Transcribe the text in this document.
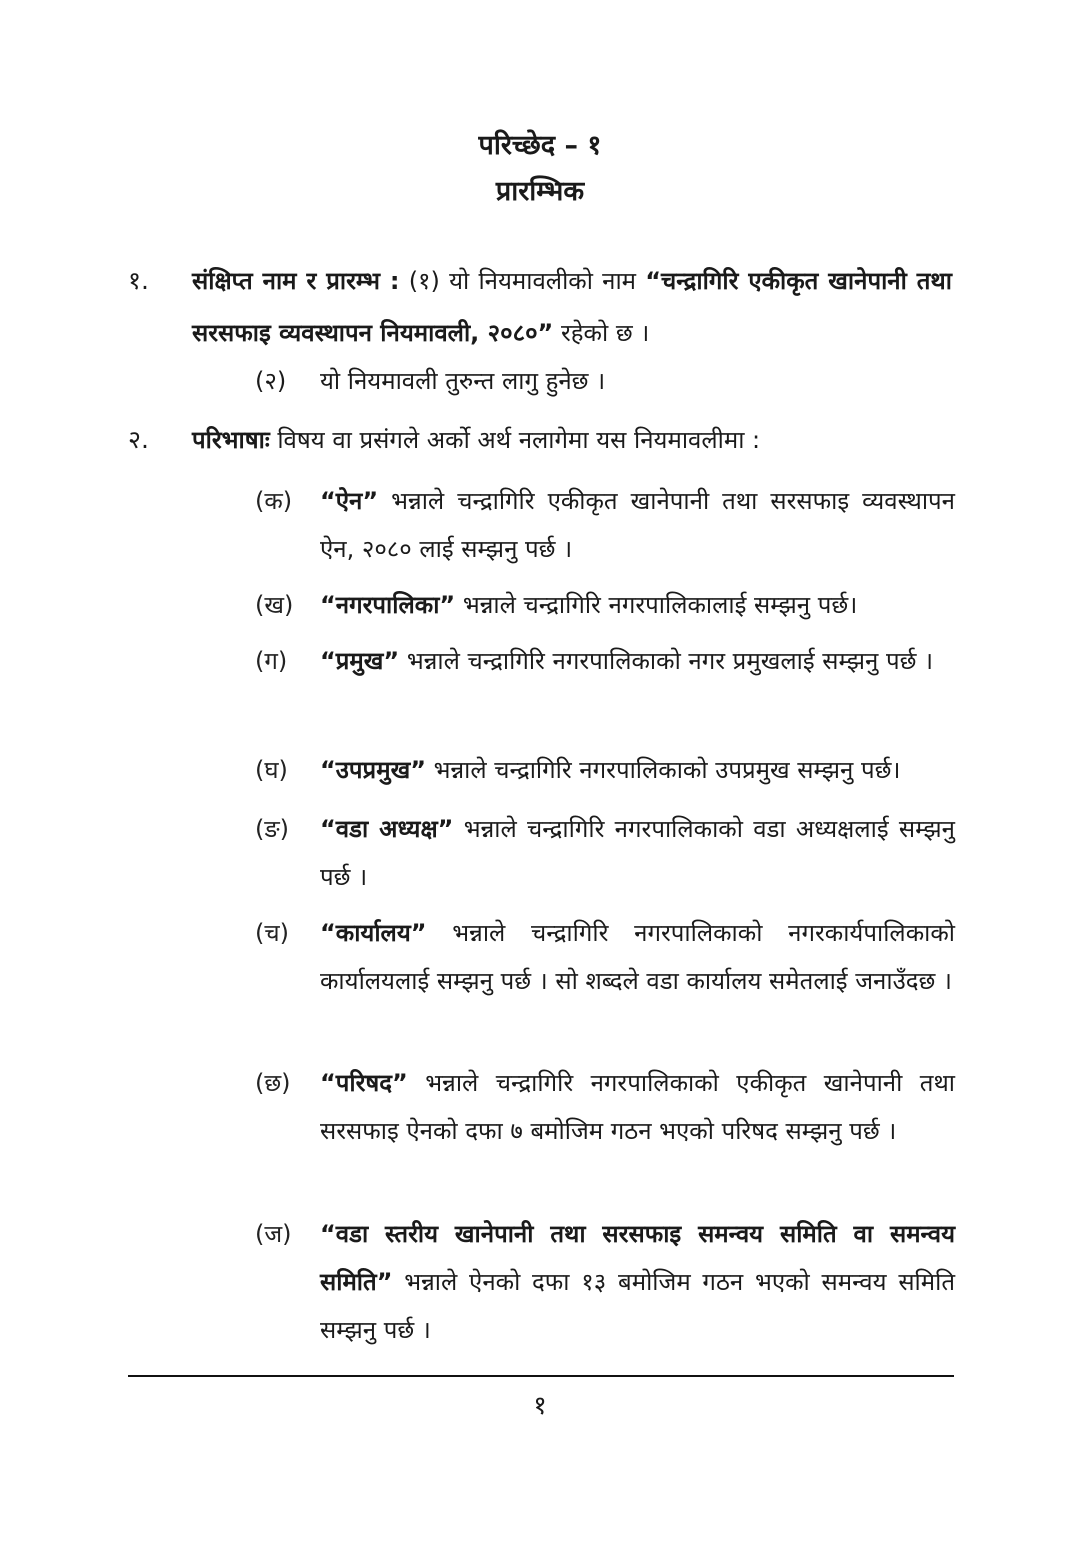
परिच्छेद – १
प्रारम्भिक
१. संक्षिप्त नाम र प्रारम्भ : (१) यो नियमावलीको नाम “चन्द्रागिरि एकीकृत खानेपानी तथा सरसफाइ व्यवस्थापन नियमावली, २०८०” रहेको छ ।
(२) यो नियमावली तुरुन्त लागु हुनेछ ।
२. परिभाषाः विषय वा प्रसंगले अर्को अर्थ नलागेमा यस नियमावलीमा :
(क)	“ऐन” भन्नाले चन्द्रागिरि एकीकृत खानेपानी तथा सरसफाइ व्यवस्थापन ऐन, २०८० लाई सम्झनु पर्छ ।
(ख)	“नगरपालिका” भन्नाले चन्द्रागिरि नगरपालिकालाई सम्झनु पर्छ।
(ग)	“प्रमुख” भन्नाले चन्द्रागिरि नगरपालिकाको नगर प्रमुखलाई सम्झनु पर्छ ।
(घ)	“उपप्रमुख” भन्नाले चन्द्रागिरि नगरपालिकाको उपप्रमुख सम्झनु पर्छ।
(ङ)	“वडा अध्यक्ष” भन्नाले चन्द्रागिरि नगरपालिकाको वडा अध्यक्षलाई सम्झनु पर्छ ।
(च)	“कार्यालय” भन्नाले चन्द्रागिरि नगरपालिकाको नगरकार्यपालिकाको कार्यालयलाई सम्झनु पर्छ । सो शब्दले वडा कार्यालय समेतलाई जनाउँदछ ।
(छ)	“परिषद” भन्नाले चन्द्रागिरि नगरपालिकाको एकीकृत खानेपानी तथा सरसफाइ ऐनको दफा ७ बमोजिम गठन भएको परिषद सम्झनु पर्छ ।
(ज)	“वडा स्तरीय खानेपानी तथा सरसफाइ समन्वय समिति वा समन्वय समिति” भन्नाले ऐनको दफा १३ बमोजिम गठन भएको समन्वय समिति सम्झनु पर्छ ।
१
